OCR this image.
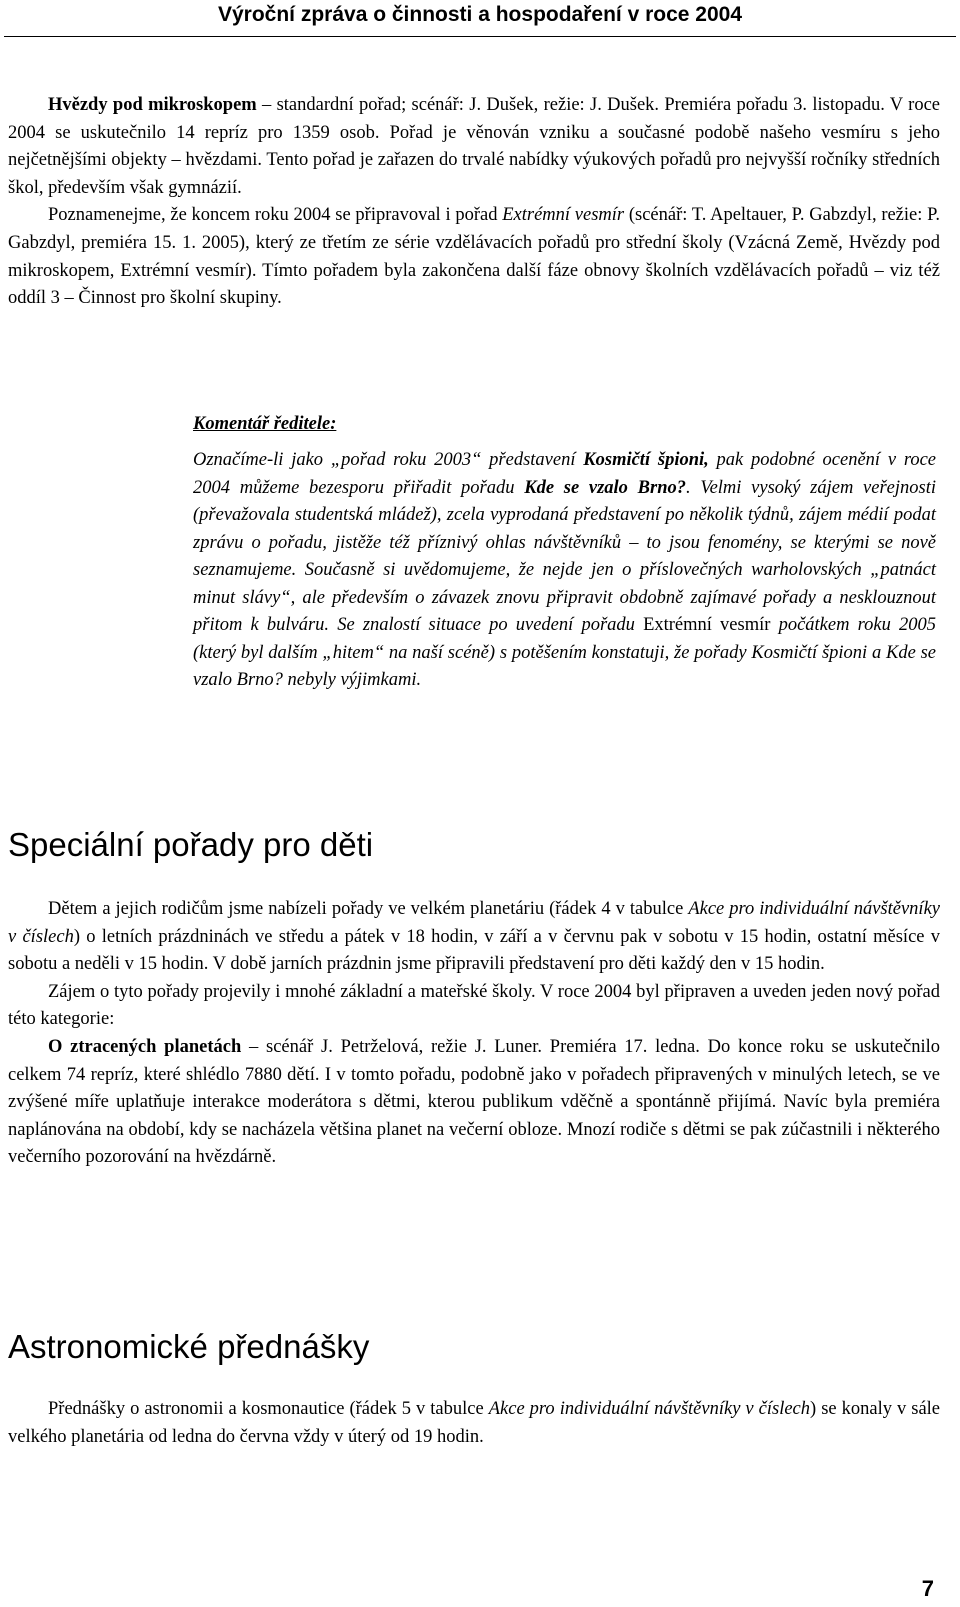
Výroční zpráva o činnosti a hospodaření v roce 2004

Hvězdy pod mikroskopem – standardní pořad; scénář: J. Dušek, režie: J. Dušek. Premiéra pořadu 3. listopadu. V roce 2004 se uskutečnilo 14 repríz pro 1359 osob. Pořad je věnován vzniku a současné podobě našeho vesmíru s jeho nejčetnějšími objekty – hvězdami. Tento pořad je zařazen do trvalé nabídky výukových pořadů pro nejvyšší ročníky středních škol, především však gymnázií.

Poznamenejme, že koncem roku 2004 se připravoval i pořad Extrémní vesmír (scénář: T. Apeltauer, P. Gabzdyl, režie: P. Gabzdyl, premiéra 15. 1. 2005), který ze třetím ze série vzdělávacích pořadů pro střední školy (Vzácná Země, Hvězdy pod mikroskopem, Extrémní vesmír). Tímto pořadem byla zakončena další fáze obnovy školních vzdělávacích pořadů – viz též oddíl 3 – Činnost pro školní skupiny.

Komentář ředitele:
Označíme-li jako „pořad roku 2003“ představení Kosmičtí špioni, pak podobné ocenění v roce 2004 můžeme bezesporu přiřadit pořadu Kde se vzalo Brno?. Velmi vysoký zájem veřejnosti (převažovala studentská mládež), zcela vyprodaná představení po několik týdnů, zájem médií podat zprávu o pořadu, jistěže též příznivý ohlas návštěvníků – to jsou fenomény, se kterými se nově seznamujeme. Současně si uvědomujeme, že nejde jen o příslovečných warholovských „patnáct minut slávy“, ale především o závazek znovu připravit obdobně zajímavé pořady a nesklouznout přitom k bulváru. Se znalostí situace po uvedení pořadu Extrémní vesmír počátkem roku 2005 (který byl dalším „hitem“ na naší scéně) s potěšením konstatuji, že pořady Kosmičtí špioni a Kde se vzalo Brno? nebyly výjimkami.
Speciální pořady pro děti

Dětem a jejich rodičům jsme nabízeli pořady ve velkém planetáriu (řádek 4 v tabulce Akce pro individuální návštěvníky v číslech) o letních prázdninách ve středu a pátek v 18 hodin, v září a v červnu pak v sobotu v 15 hodin, ostatní měsíce v sobotu a neděli v 15 hodin. V době jarních prázdnin jsme připravili představení pro děti každý den v 15 hodin.

Zájem o tyto pořady projevily i mnohé základní a mateřské školy. V roce 2004 byl připraven a uveden jeden nový pořad této kategorie:

O ztracených planetách – scénář J. Petrželová, režie J. Luner. Premiéra 17. ledna. Do konce roku se uskutečnilo celkem 74 repríz, které shlédlo 7880 dětí. I v tomto pořadu, podobně jako v pořadech připravených v minulých letech, se ve zvýšené míře uplatňuje interakce moderátora s dětmi, kterou publikum vděčně a spontánně přijímá. Navíc byla premiéra naplánována na období, kdy se nacházela většina planet na večerní obloze. Mnozí rodiče s dětmi se pak zúčastnili i některého večerního pozorování na hvězdárně.

Astronomické přednášky

Přednášky o astronomii a kosmonautice (řádek 5 v tabulce Akce pro individuální návštěvníky v číslech) se konaly v sále velkého planetária od ledna do června vždy v úterý od 19 hodin.

7
